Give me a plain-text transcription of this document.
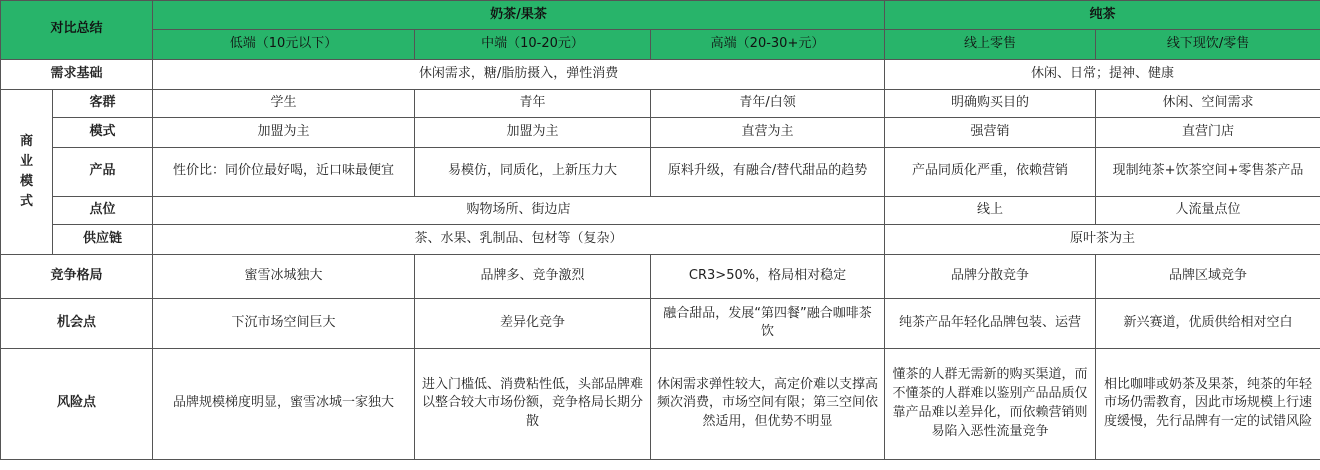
对比总结		奶茶/果茶			纯茶	
		低端（10元以下）	中端（10-20元）	高端（20-30+元）	线上零售	线下现饮/零售
需求基础		休闲需求，糖/脂肪摄入，弹性消费			休闲、日常；提神、健康	
商业模式	客群	学生	青年	青年/白领	明确购买目的	休闲、空间需求
	模式	加盟为主	加盟为主	直营为主	强营销	直营门店
	产品	性价比：同价位最好喝，近口味最便宜	易模仿，同质化，上新压力大	原料升级，有融合/替代甜品的趋势	产品同质化严重，依赖营销	现制纯茶+饮茶空间+零售茶产品
	点位	购物场所、街边店			线上	人流量点位
	供应链	茶、水果、乳制品、包材等（复杂）			原叶茶为主	
竞争格局		蜜雪冰城独大	品牌多、竞争激烈	CR3>50%，格局相对稳定	品牌分散竞争	品牌区域竞争
机会点		下沉市场空间巨大	差异化竞争	融合甜品，发展“第四餐”融合咖啡茶饮	纯茶产品年轻化品牌包装、运营	新兴赛道，优质供给相对空白
风险点		品牌规模梯度明显，蜜雪冰城一家独大	进入门槛低、消费粘性低，头部品牌难以整合较大市场份额，竞争格局长期分散	休闲需求弹性较大，高定价难以支撑高频次消费，市场空间有限；第三空间依然适用，但优势不明显	懂茶的人群无需新的购买渠道，而不懂茶的人群难以鉴别产品品质仅靠产品难以差异化，而依赖营销则易陷入恶性流量竞争	相比咖啡或奶茶及果茶，纯茶的年轻市场仍需教育，因此市场规模上行速度缓慢，先行品牌有一定的试错风险
